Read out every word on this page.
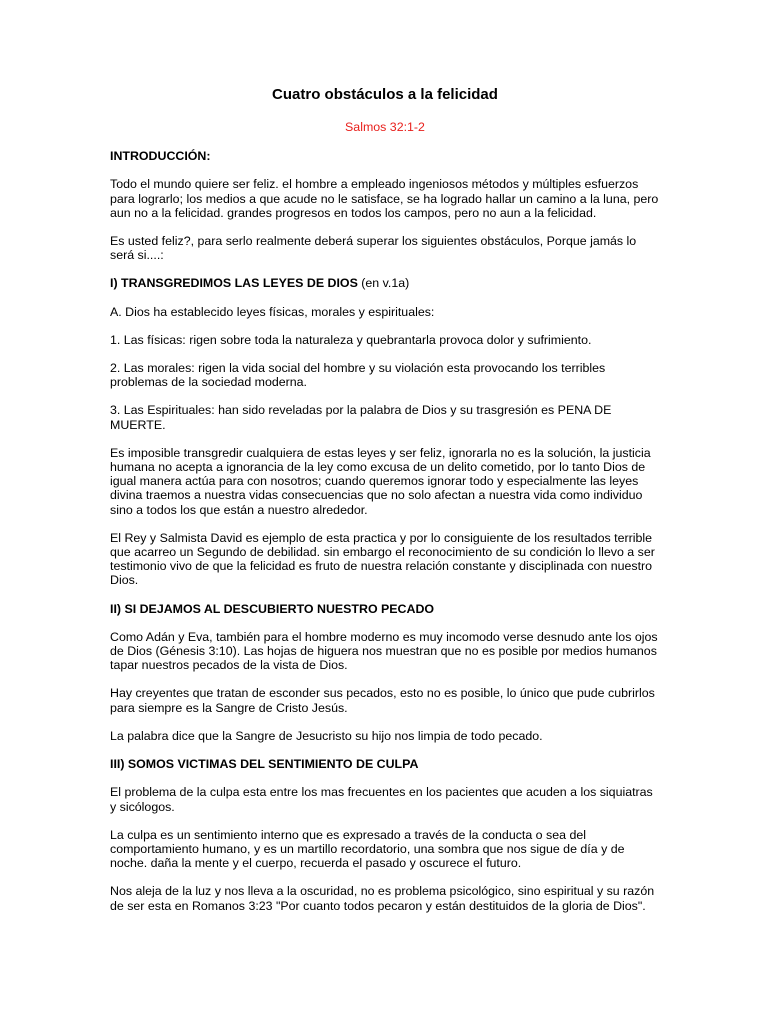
Cuatro obstáculos a la felicidad

Salmos 32:1-2

INTRODUCCIÓN:

Todo el mundo quiere ser feliz. el hombre a empleado ingeniosos métodos y múltiples esfuerzos para lograrlo; los medios a que acude no le satisface, se ha logrado hallar un camino a la luna, pero aun no a la felicidad. grandes progresos en todos los campos, pero no aun a la felicidad.

Es usted feliz?, para serlo realmente deberá superar los siguientes obstáculos, Porque jamás lo será si....:

I) TRANSGREDIMOS LAS LEYES DE DIOS (en v.1a)

A. Dios ha establecido leyes físicas, morales y espirituales:

1. Las físicas: rigen sobre toda la naturaleza y quebrantarla provoca dolor y sufrimiento.

2. Las morales: rigen la vida social del hombre y su violación esta provocando los terribles problemas de la sociedad moderna.

3. Las Espirituales: han sido reveladas por la palabra de Dios y su trasgresión es PENA DE MUERTE.

Es imposible transgredir cualquiera de estas leyes y ser feliz, ignorarla no es la solución, la justicia humana no acepta a ignorancia de la ley como excusa de un delito cometido, por lo tanto Dios de igual manera actúa para con nosotros; cuando queremos ignorar todo y especialmente las leyes divina traemos a nuestra vidas consecuencias que no solo afectan a nuestra vida como individuo sino a todos los que están a nuestro alrededor.

El Rey y Salmista David es ejemplo de esta practica y por lo consiguiente de los resultados terrible que acarreo un Segundo de debilidad. sin embargo el reconocimiento de su condición lo llevo a ser testimonio vivo de que la felicidad es fruto de nuestra relación constante y disciplinada con nuestro Dios.

II) SI DEJAMOS AL DESCUBIERTO NUESTRO PECADO

Como Adán y Eva, también para el hombre moderno es muy incomodo verse desnudo ante los ojos de Dios (Génesis 3:10). Las hojas de higuera nos muestran que no es posible por medios humanos tapar nuestros pecados de la vista de Dios.

Hay creyentes que tratan de esconder sus pecados, esto no es posible, lo único que pude cubrirlos para siempre es la Sangre de Cristo Jesús.

La palabra dice que la Sangre de Jesucristo su hijo nos limpia de todo pecado.

III) SOMOS VICTIMAS DEL SENTIMIENTO DE CULPA

El problema de la culpa esta entre los mas frecuentes en los pacientes que acuden a los siquiatras y sicólogos.

La culpa es un sentimiento interno que es expresado a través de la conducta o sea del comportamiento humano, y es un martillo recordatorio, una sombra que nos sigue de día y de noche. daña la mente y el cuerpo, recuerda el pasado y oscurece el futuro.

Nos aleja de la luz y nos lleva a la oscuridad, no es problema psicológico, sino espiritual y su razón de ser esta en Romanos 3:23 "Por cuanto todos pecaron y están destituidos de la gloria de Dios".
